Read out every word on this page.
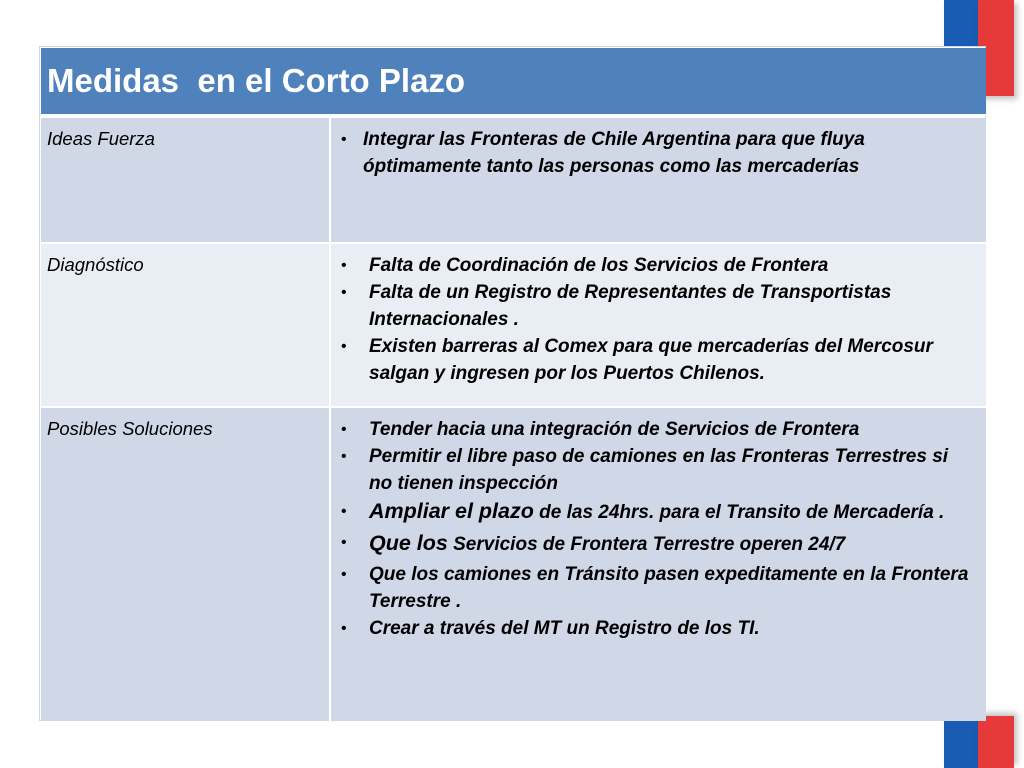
Medidas  en el Corto Plazo
Ideas Fuerza	• Integrar las Fronteras de Chile Argentina para que fluya óptimamente tanto las personas como las mercaderías
Diagnóstico	• Falta de Coordinación de los Servicios de Frontera
• Falta de un Registro de Representantes de Transportistas Internacionales .
• Existen barreras al Comex para que mercaderías del Mercosur salgan y ingresen por los Puertos Chilenos.
Posibles Soluciones	• Tender hacia una integración de Servicios de Frontera
• Permitir el libre paso de camiones en las Fronteras Terrestres si no tienen inspección
• Ampliar el plazo de las 24hrs. para el Transito de Mercadería .
• Que los Servicios de Frontera Terrestre operen 24/7
• Que los camiones en Tránsito pasen expeditamente en la Frontera Terrestre .
• Crear a través del MT un Registro de los TI.
